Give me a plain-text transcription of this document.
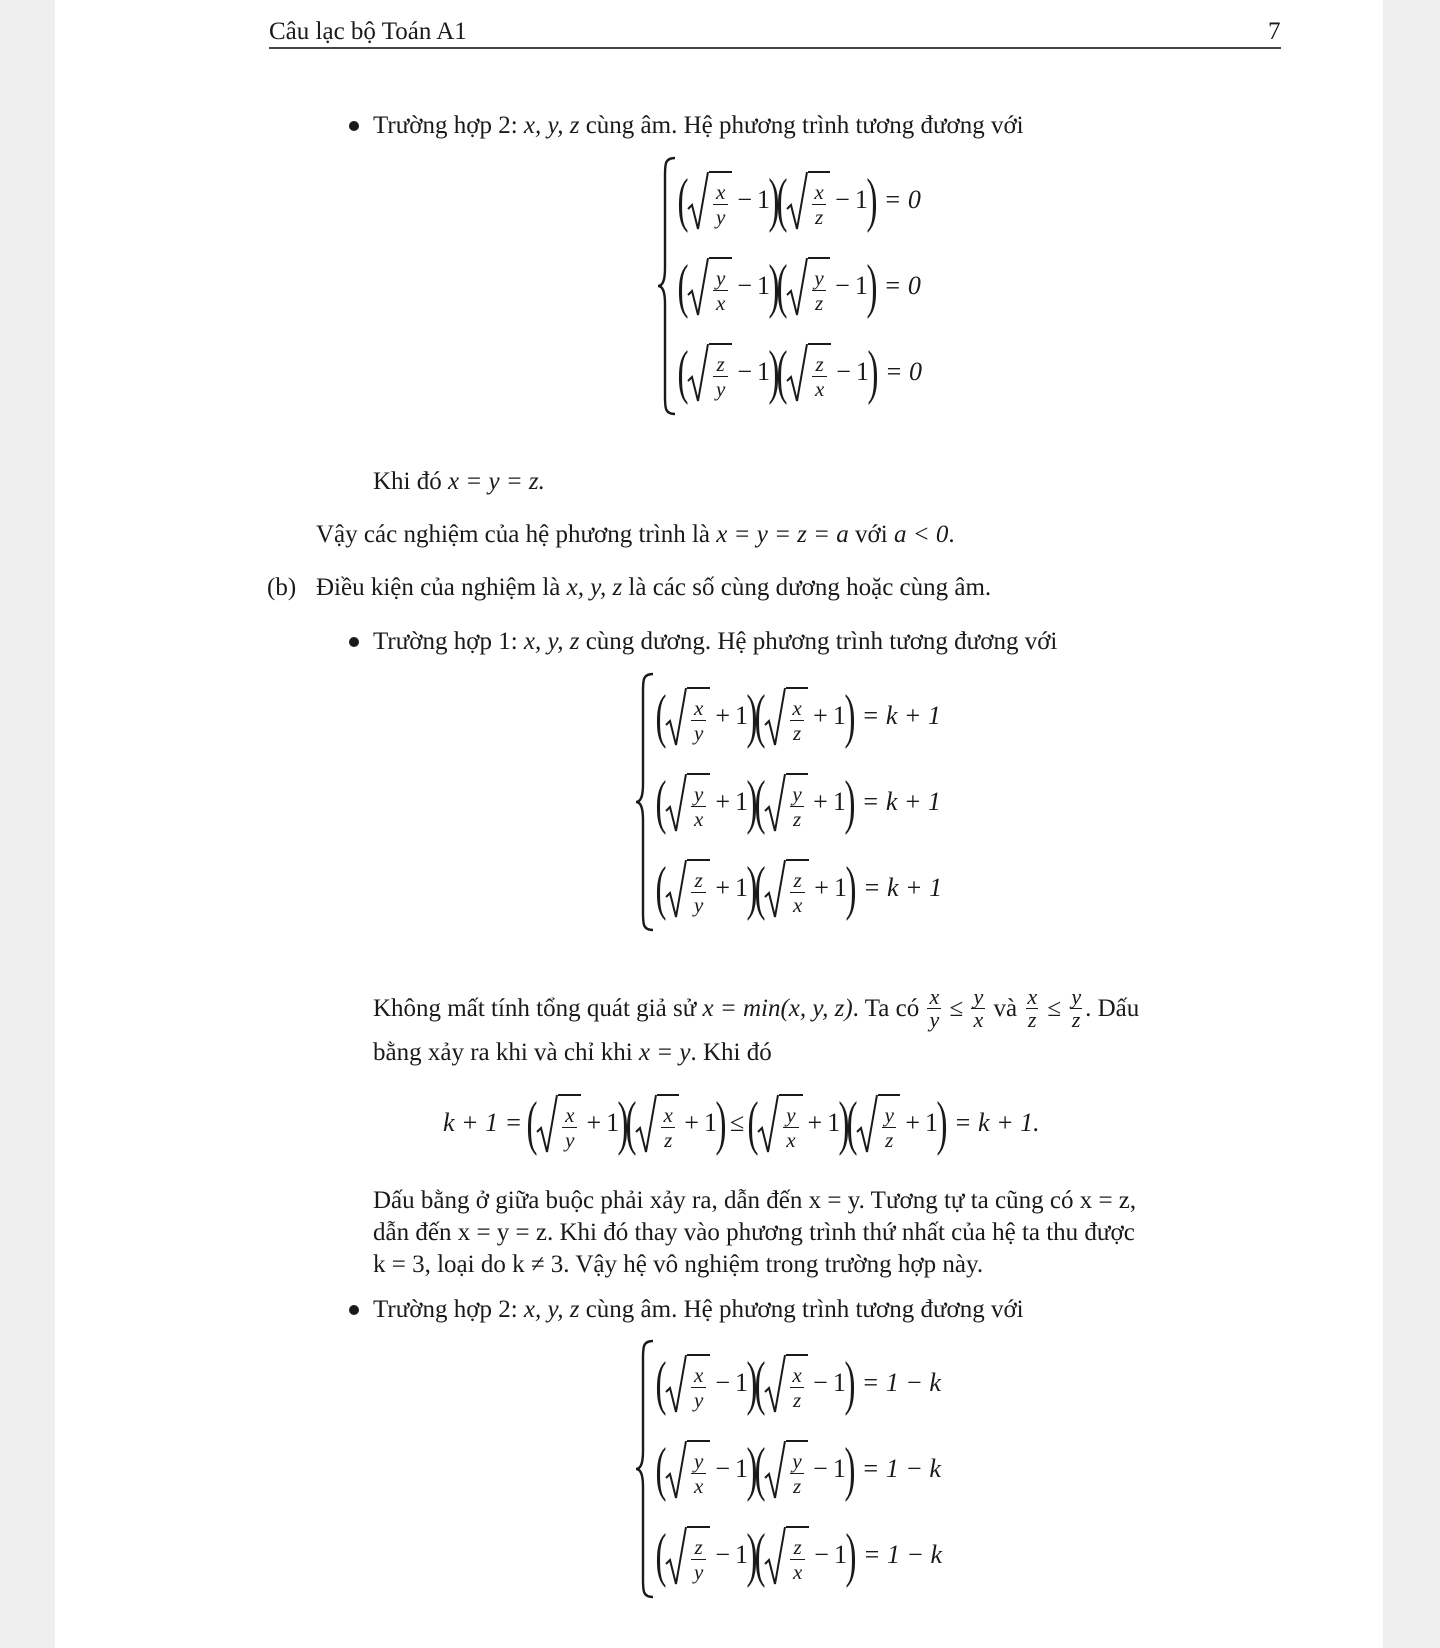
Câu lạc bộ Toán A1	7
Trường hợp 2: x, y, z cùng âm. Hệ phương trình tương đương với
( $\frac{x}{y} - 1$
)
( $\frac{x}{z} - 1$
) = 0
( $\frac{y}{x} - 1$
)
( $\frac{y}{z} - 1$
) = 0
( $\frac{z}{y} - 1$
)
( $\frac{z}{x} - 1$
) = 0
Khi đó x = y = z.
Vậy các nghiệm của hệ phương trình là x = y = z = a với a < 0.
(b) Điều kiện của nghiệm là x, y, z là các số cùng dương hoặc cùng âm.
Trường hợp 1: x, y, z cùng dương. Hệ phương trình tương đương với
( $\frac{x}{y} + 1$
)
( $\frac{x}{z} + 1$
) = k + 1
( $\frac{y}{x} + 1$
)
( $\frac{y}{z} + 1$
) = k + 1
( $\frac{z}{y} + 1$
)
( $\frac{z}{x} + 1$
) = k + 1
Không mất tính tổng quát giả sử x = min(x, y, z). Ta có $\frac{x}{y} \le \frac{y}{x}$ và $\frac{x}{z} \le \frac{y}{z}$ . Dấu
bằng xảy ra khi và chỉ khi x = y. Khi đó
k + 1 = ( $\frac{x}{y} + 1$
)
( $\frac{x}{z} + 1$
) ≤ ( $\frac{y}{x} + 1$
)
( $\frac{y}{z} + 1$
) = k + 1.
Dấu bằng ở giữa buộc phải xảy ra, dẫn đến x = y. Tương tự ta cũng có x = z,
dẫn đến x = y = z. Khi đó thay vào phương trình thứ nhất của hệ ta thu được
k = 3, loại do k ≠ 3. Vậy hệ vô nghiệm trong trường hợp này.
Trường hợp 2: x, y, z cùng âm. Hệ phương trình tương đương với
( $\frac{x}{y} - 1$
)
( $\frac{x}{z} - 1$
) = 1 − k
( $\frac{y}{x} - 1$
)
( $\frac{y}{z} - 1$
) = 1 − k
( $\frac{z}{y} - 1$
)
( $\frac{z}{x} - 1$
) = 1 − k
